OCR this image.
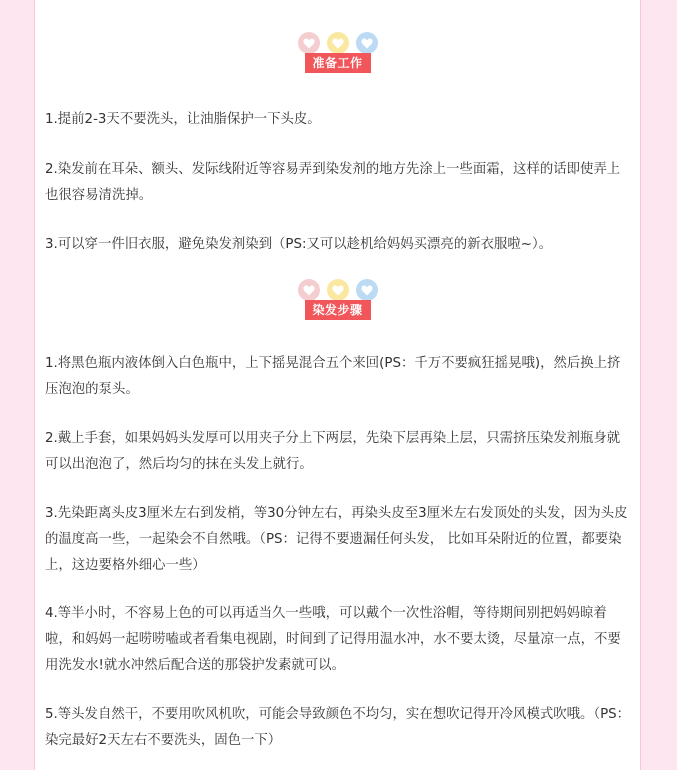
准备工作
1.提前2-3天不要洗头，让油脂保护一下头皮。
2.染发前在耳朵、额头、发际线附近等容易弄到染发剂的地方先涂上一些面霜，这样的话即使弄上也很容易清洗掉。
3.可以穿一件旧衣服，避免染发剂染到（PS:又可以趁机给妈妈买漂亮的新衣服啦~）。
染发步骤
1.将黑色瓶内液体倒入白色瓶中，上下摇晃混合五个来回(PS：千万不要疯狂摇晃哦)，然后换上挤压泡泡的泵头。
2.戴上手套，如果妈妈头发厚可以用夹子分上下两层，先染下层再染上层，只需挤压染发剂瓶身就可以出泡泡了，然后均匀的抹在头发上就行。
3.先染距离头皮3厘米左右到发梢，等30分钟左右，再染头皮至3厘米左右发顶处的头发，因为头皮的温度高一些，一起染会不自然哦。（PS：记得不要遗漏任何头发， 比如耳朵附近的位置，都要染上，这边要格外细心一些）
4.等半小时，不容易上色的可以再适当久一些哦，可以戴个一次性浴帽，等待期间别把妈妈晾着啦，和妈妈一起唠唠嗑或者看集电视剧，时间到了记得用温水冲，水不要太烫，尽量凉一点，不要用洗发水!就水冲然后配合送的那袋护发素就可以。
5.等头发自然干，不要用吹风机吹，可能会导致颜色不均匀，实在想吹记得开冷风模式吹哦。（PS：染完最好2天左右不要洗头，固色一下）
